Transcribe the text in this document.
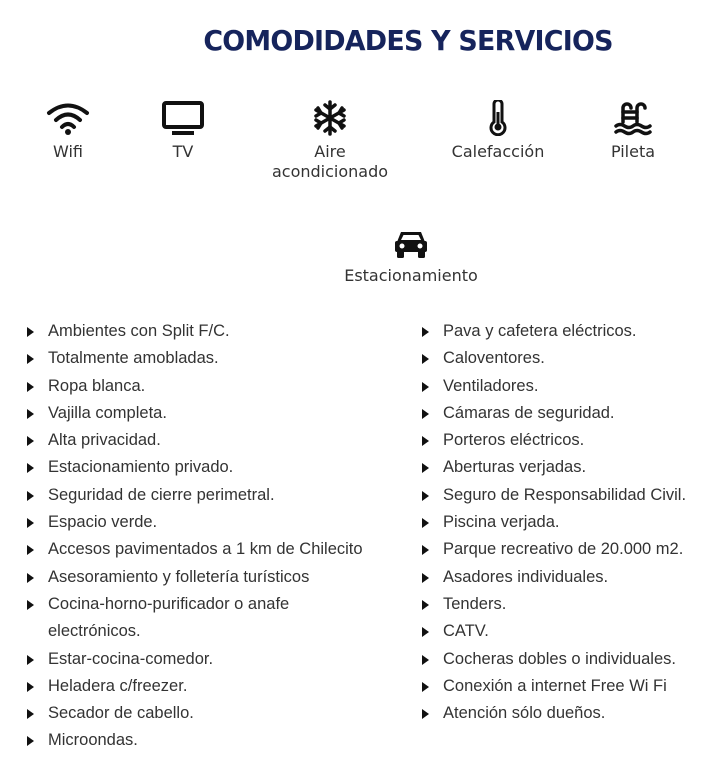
COMODIDADES Y SERVICIOS
Wifi	TV	Aire acondicionado
Calefacción	Pileta
Estacionamiento
Ambientes con Split F/C.
Totalmente amobladas.
Ropa blanca.
Vajilla completa.
Alta privacidad.
Estacionamiento privado.
Seguridad de cierre perimetral.
Espacio verde.
Accesos pavimentados a 1 km de Chilecito
Asesoramiento y folletería turísticos
Cocina-horno-purificador o anafe electrónicos.
Estar-cocina-comedor.
Heladera c/freezer.
Secador de cabello.
Microondas.
Pava y cafetera eléctricos.
Caloventores.
Ventiladores.
Cámaras de seguridad.
Porteros eléctricos.
Aberturas verjadas.
Seguro de Responsabilidad Civil.
Piscina verjada.
Parque recreativo de 20.000 m2.
Asadores individuales.
Tenders.
CATV.
Cocheras dobles o individuales.
Conexión a internet Free Wi Fi
Atención sólo dueños.
